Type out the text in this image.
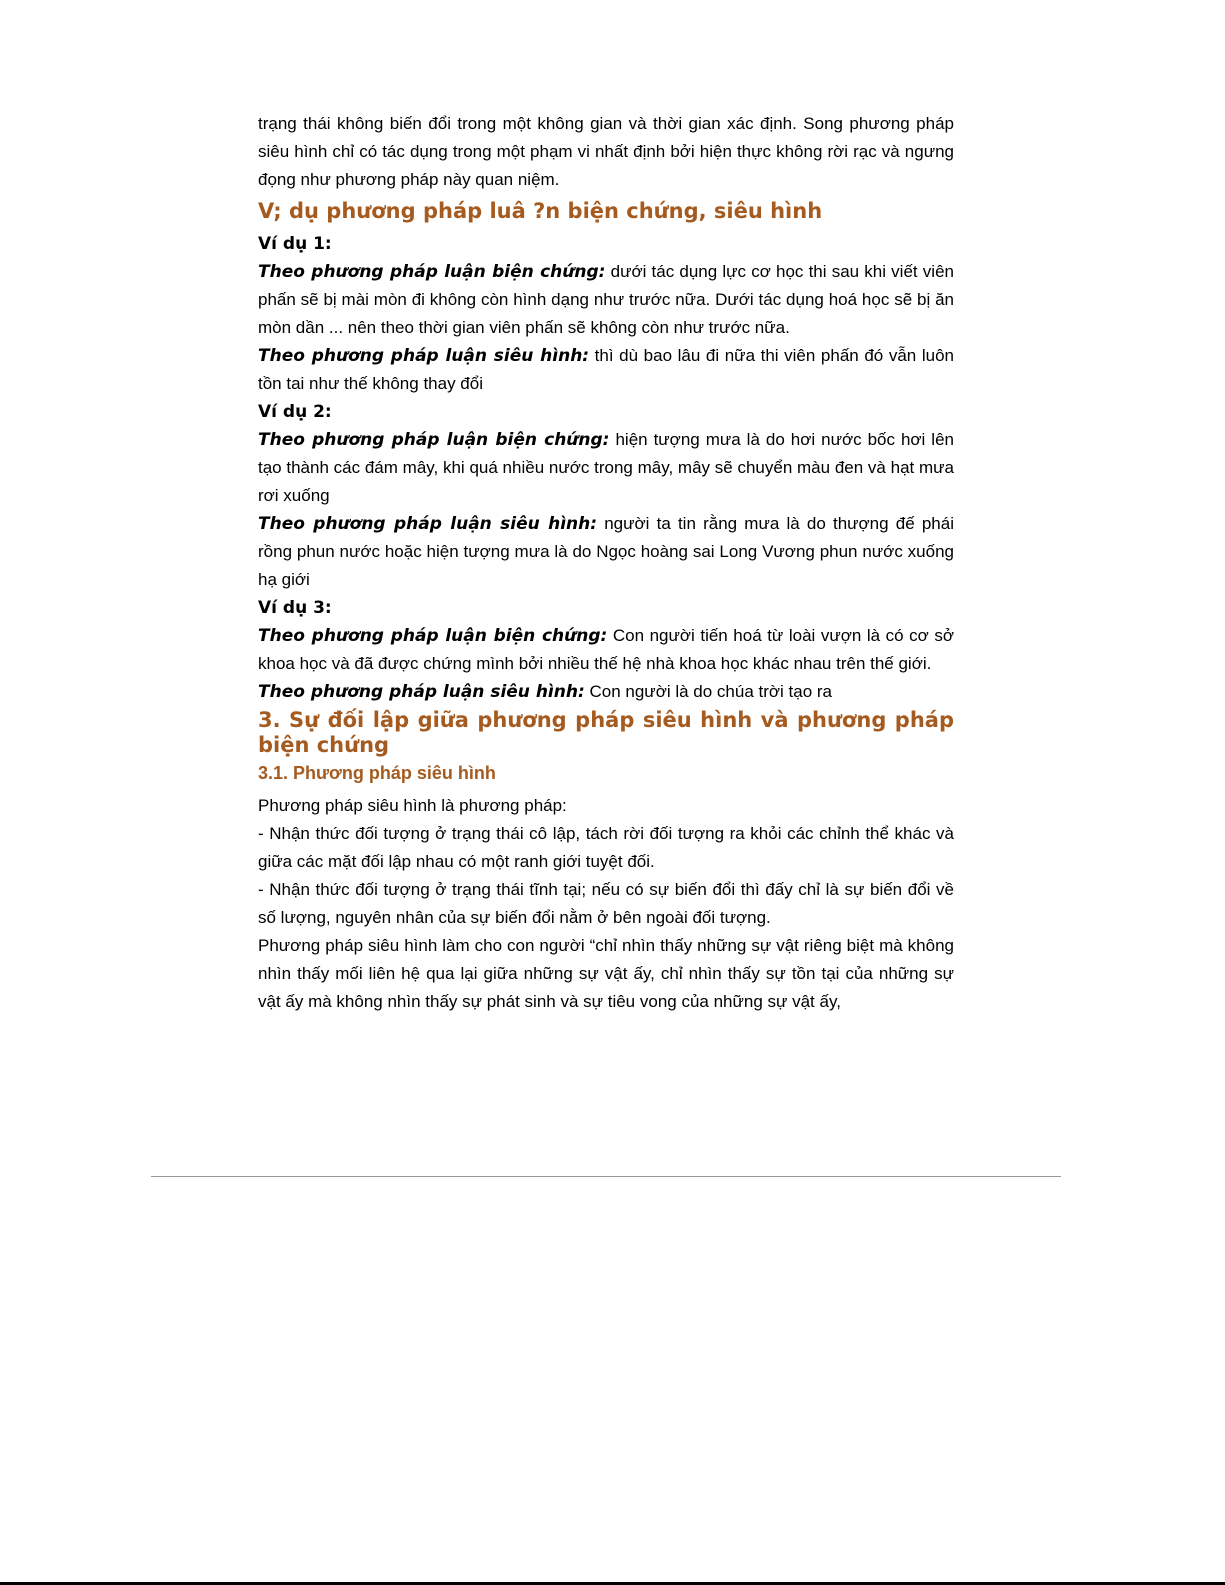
trạng thái không biến đổi trong một không gian và thời gian xác định. Song phương pháp siêu hình chỉ có tác dụng trong một phạm vi nhất định bởi hiện thực không rời rạc và ngưng đọng như phương pháp này quan niệm.

V; dụ phương pháp luâ ?n biện chứng, siêu hình

Ví dụ 1:

Theo phương pháp luận biện chứng: dưới tác dụng lực cơ học thi sau khi viết viên phấn sẽ bị mài mòn đi không còn hình dạng như trước nữa. Dưới tác dụng hoá học sẽ bị ăn mòn dần ... nên theo thời gian viên phấn sẽ không còn như trước nữa.

Theo phương pháp luận siêu hình: thì dù bao lâu đi nữa thi viên phấn đó vẫn luôn tồn tai như thế không thay đổi

Ví dụ 2:

Theo phương pháp luận biện chứng: hiện tượng mưa là do hơi nước bốc hơi lên tạo thành các đám mây, khi quá nhiều nước trong mây, mây sẽ chuyển màu đen và hạt mưa rơi xuống

Theo phương pháp luận siêu hình: người ta tin rằng mưa là do thượng đế phái rồng phun nước hoặc hiện tượng mưa là do Ngọc hoàng sai Long Vương phun nước xuống hạ giới

Ví dụ 3:

Theo phương pháp luận biện chứng: Con người tiến hoá từ loài vượn là có cơ sở khoa học và đã được chứng mình bởi nhiều thế hệ nhà khoa học khác nhau trên thế giới.

Theo phương pháp luận siêu hình: Con người là do chúa trời tạo ra

3. Sự đối lập giữa phương pháp siêu hình và phương pháp biện chứng
3.1. Phương pháp siêu hình

Phương pháp siêu hình là phương pháp:

- Nhận thức đối tượng ở trạng thái cô lập, tách rời đối tượng ra khỏi các chỉnh thể khác và giữa các mặt đối lập nhau có một ranh giới tuyệt đối.

- Nhận thức đối tượng ở trạng thái tĩnh tại; nếu có sự biến đổi thì đấy chỉ là sự biến đổi về số lượng, nguyên nhân của sự biến đổi nằm ở bên ngoài đối tượng.

Phương pháp siêu hình làm cho con người “chỉ nhìn thấy những sự vật riêng biệt mà không nhìn thấy mối liên hệ qua lại giữa những sự vật ấy, chỉ nhìn thấy sự tồn tại của những sự vật ấy mà không nhìn thấy sự phát sinh và sự tiêu vong của những sự vật ấy,
